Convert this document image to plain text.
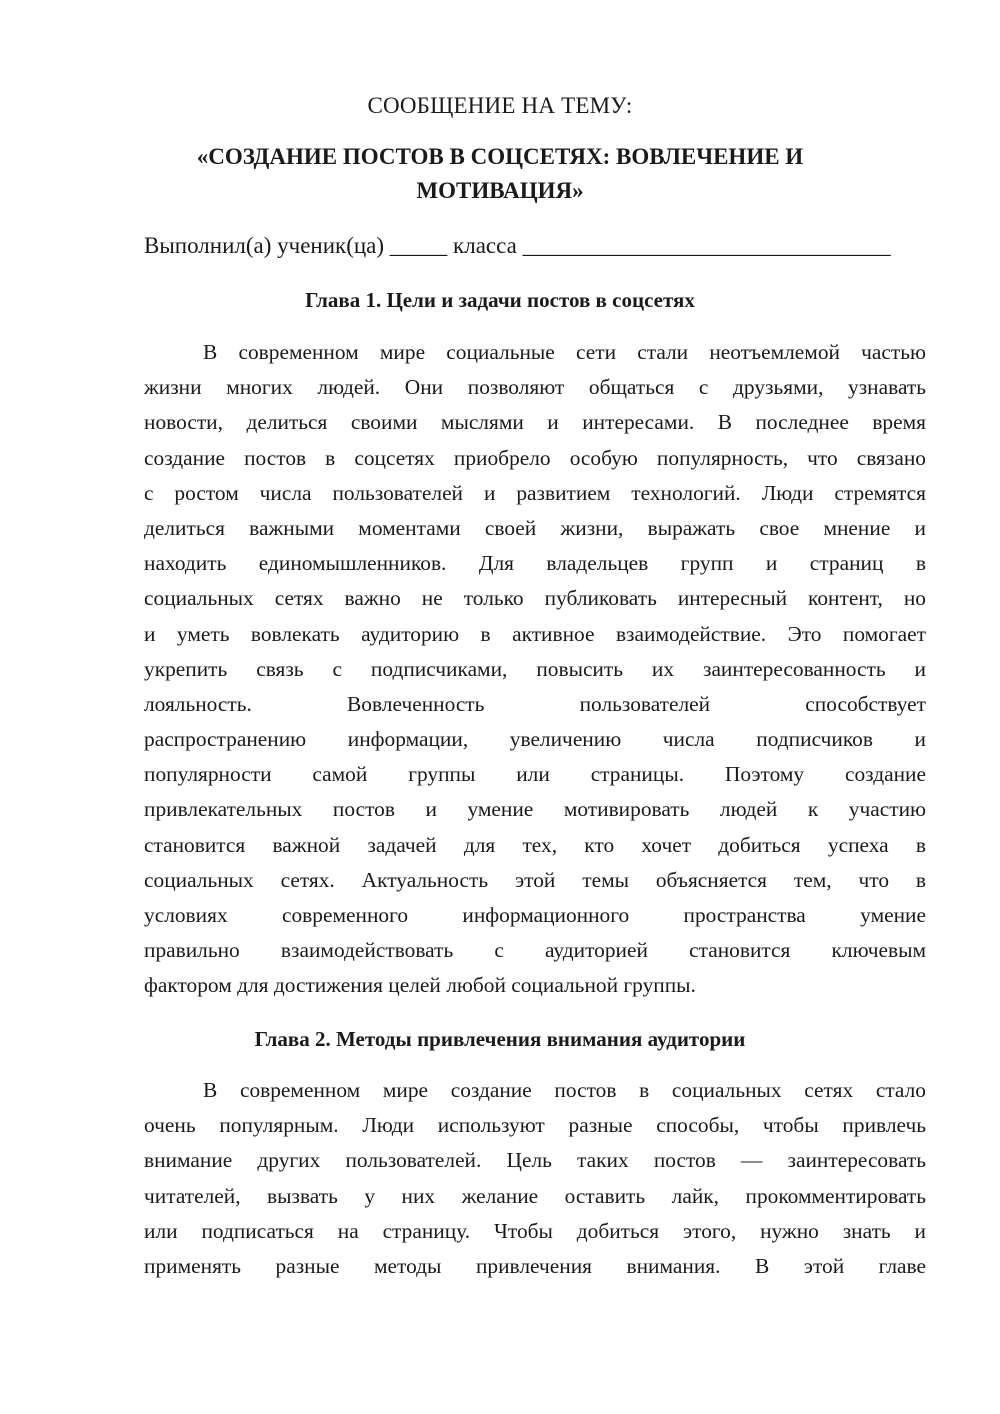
СООБЩЕНИЕ НА ТЕМУ:
«СОЗДАНИЕ ПОСТОВ В СОЦСЕТЯХ: ВОВЛЕЧЕНИЕ И
МОТИВАЦИЯ»
Выполнил(а) ученик(ца) _____ класса ________________________________
Глава 1. Цели и задачи постов в соцсетях
В современном мире социальные сети стали неотъемлемой частью
жизни многих людей. Они позволяют общаться с друзьями, узнавать
новости, делиться своими мыслями и интересами. В последнее время
создание постов в соцсетях приобрело особую популярность, что связано
с ростом числа пользователей и развитием технологий. Люди стремятся
делиться важными моментами своей жизни, выражать свое мнение и
находить единомышленников. Для владельцев групп и страниц в
социальных сетях важно не только публиковать интересный контент, но
и уметь вовлекать аудиторию в активное взаимодействие. Это помогает
укрепить связь с подписчиками, повысить их заинтересованность и
лояльность. Вовлеченность пользователей способствует
распространению информации, увеличению числа подписчиков и
популярности самой группы или страницы. Поэтому создание
привлекательных постов и умение мотивировать людей к участию
становится важной задачей для тех, кто хочет добиться успеха в
социальных сетях. Актуальность этой темы объясняется тем, что в
условиях современного информационного пространства умение
правильно взаимодействовать с аудиторией становится ключевым
фактором для достижения целей любой социальной группы.
Глава 2. Методы привлечения внимания аудитории
В современном мире создание постов в социальных сетях стало
очень популярным. Люди используют разные способы, чтобы привлечь
внимание других пользователей. Цель таких постов — заинтересовать
читателей, вызвать у них желание оставить лайк, прокомментировать
или подписаться на страницу. Чтобы добиться этого, нужно знать и
применять разные методы привлечения внимания. В этой главе
